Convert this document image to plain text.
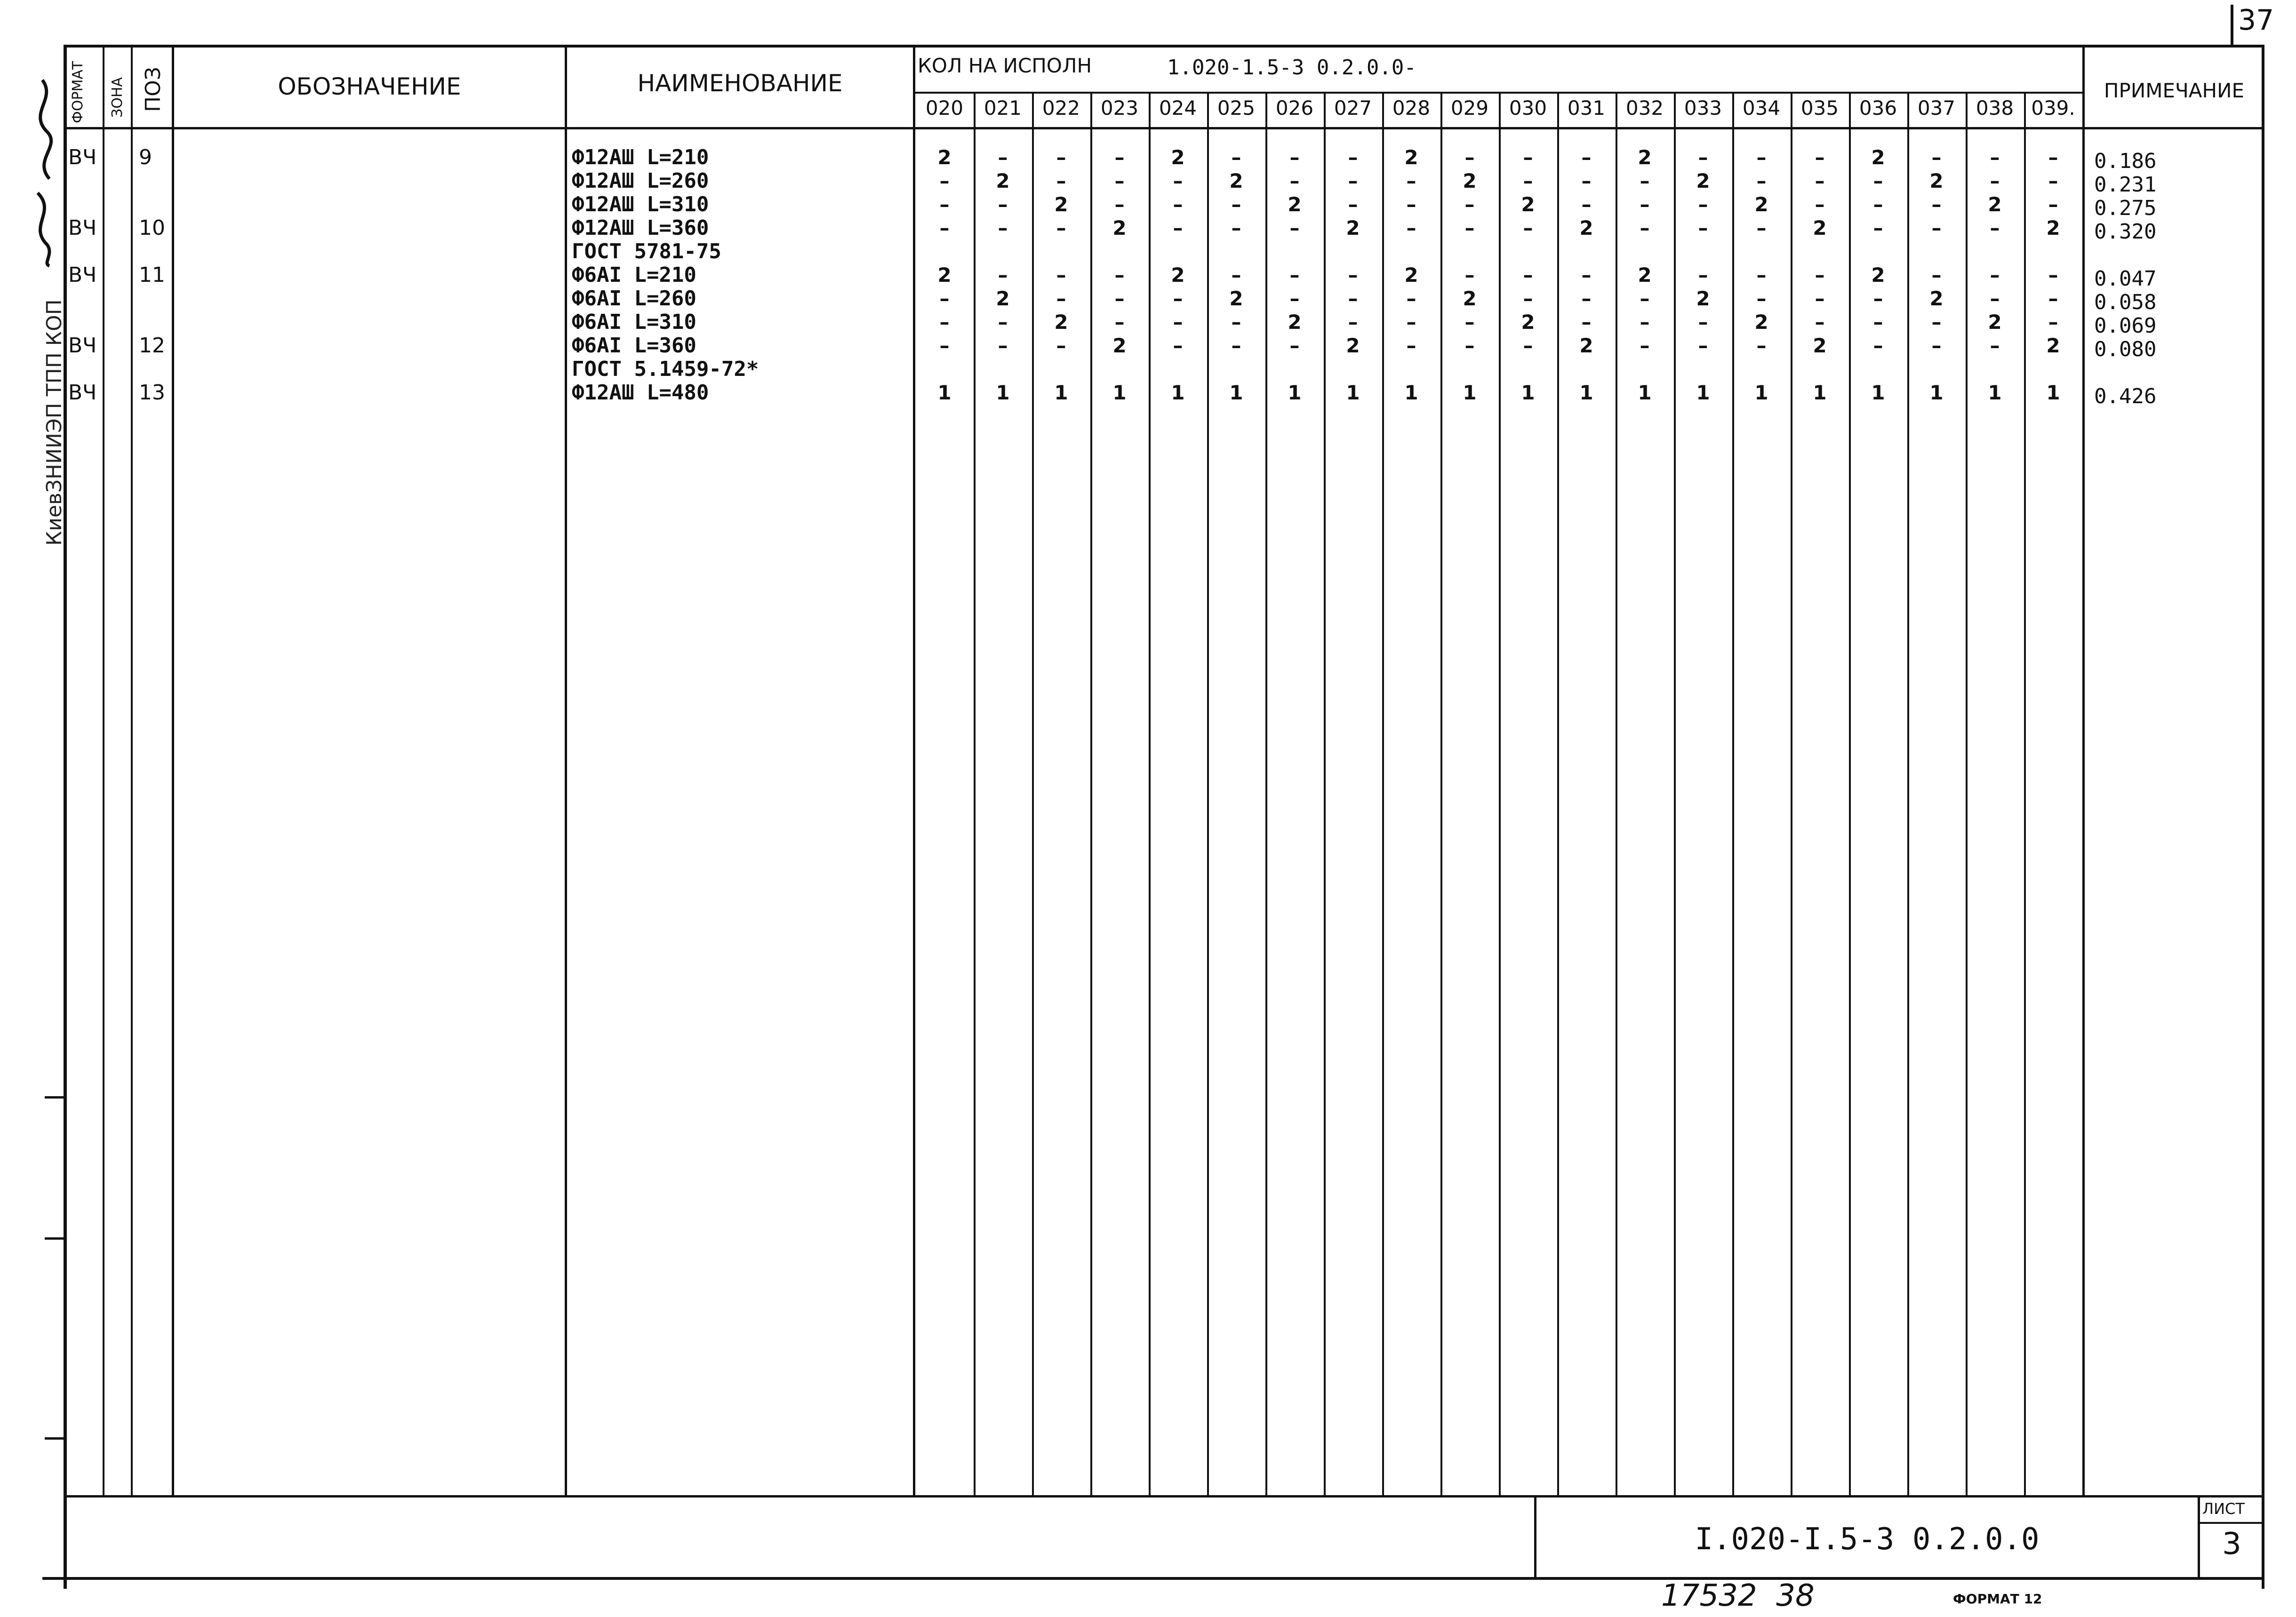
37
КиевЗНИИЭП ТПП КОП
ФОРМАТ ЗОНА ПОЗ	ОБОЗНАЧЕНИЕ	НАИМЕНОВАНИЕ
КОЛ НА ИСПОЛН	1.020-1.5-3 0.2.0.0-
ПРИМЕЧАНИЕ
020	021	022	023	024	025	026	027	028	029	030	031	032	033	034	035	036	037	038 039.
ВЧ 9	Ф12АШ L=210	2	–	–	–	2	–	–	–	2	–	–	–	2	–	–	–	2	–	–	–	0.186
Ф12АШ L=260	–	2	–	–	–	2	–	–	–	2	–	–	–	2	–	–	–	2	–	–	0.231
Ф12АШ L=310	–	–	2	–	–	–	2	–	–	–	2	–	–	–	2	–	–	–	2	–	0.275
ВЧ 10	Ф12АШ L=360	–	–	–	2	–	–	–	2	–	–	–	2	–	–	–	2	–	–	–	2	0.320
ГОСТ 5781-75
ВЧ 11	Ф6АI L=210	2	–	–	–	2	–	–	–	2	–	–	–	2	–	–	–	2	–	–	–	0.047
Ф6АI L=260	–	2	–	–	–	2	–	–	–	2	–	–	–	2	–	–	–	2	–	–	0.058
Ф6АI L=310	–	–	2	–	–	–	2	–	–	–	2	–	–	–	2	–	–	–	2	–	0.069
ВЧ 12	Ф6АI L=360	–	–	–	2	–	–	–	2	–	–	–	2	–	–	–	2	–	–	–	2	0.080
ГОСТ 5.1459-72*
ВЧ 13	Ф12АШ L=480	1	1	1	1	1	1	1	1	1	1	1	1	1	1	1	1	1	1	1	1	0.426
I.020-I.5-3 0.2.0.0
ЛИСТ
3
17532  38	ФОРМАТ 12
